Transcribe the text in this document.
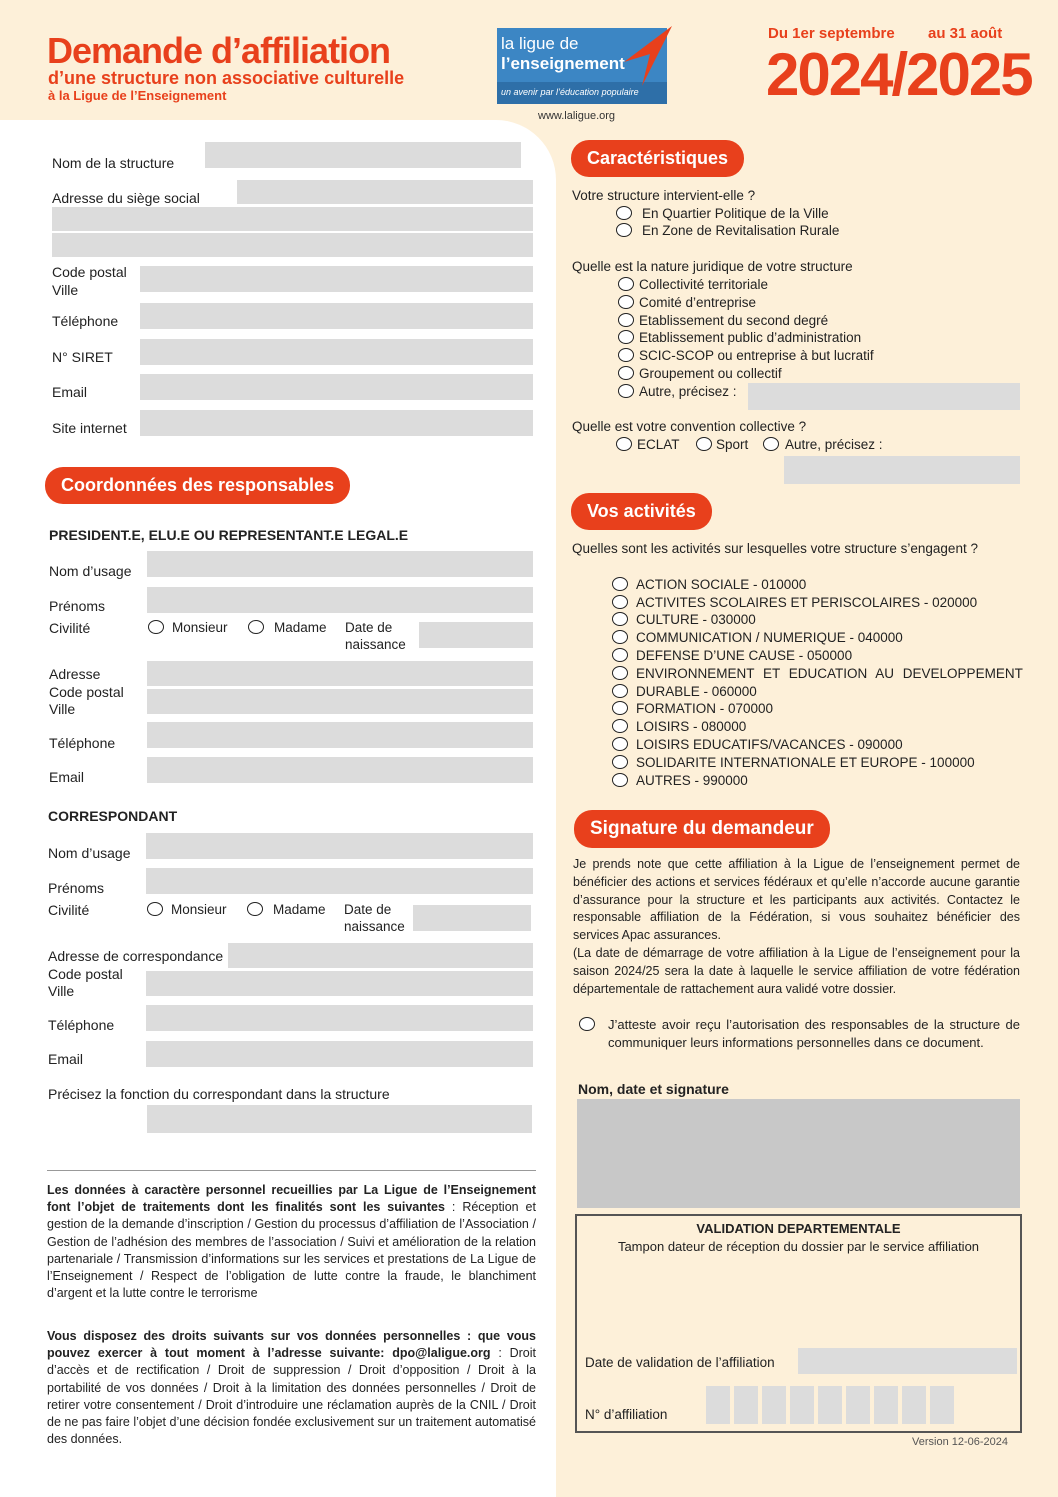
Demande d’affiliation
d’une structure non associative culturelle
à la Ligue de l’Enseignement
la ligue de
l’enseignement
un avenir par l’éducation populaire
www.laligue.org
Du 1er septembre au 31 août
2024/2025
Nom de la structure
Adresse du siège social
Code postal
Ville
Téléphone
N° SIRET
Email
Site internet
Coordonnées des responsables
PRESIDENT.E, ELU.E OU REPRESENTANT.E LEGAL.E
Nom d’usage
Prénoms
Civilité	Monsieur	Madame Date de
naissance
Adresse
Code postal
Ville
Téléphone
Email
CORRESPONDANT
Nom d’usage
Prénoms
Civilité	Monsieur	Madame Date de
naissance
Adresse de correspondance
Code postal
Ville
Téléphone
Email
Précisez la fonction du correspondant dans la structure
Les données à caractère personnel recueillies par La Ligue de l’Enseignement font l’objet de traitements dont les finalités sont les suivantes : Réception et gestion de la demande d’inscription / Gestion du processus d’affiliation de l’Association / Gestion de l’adhésion des membres de l’association / Suivi et amélioration de la relation partenariale / Transmission d’informations sur les services et prestations de La Ligue de l’Enseignement / Respect de l’obligation de lutte contre la fraude, le blanchiment d’argent et la lutte contre le terrorisme
Vous disposez des droits suivants sur vos données personnelles : que vous pouvez exercer à tout moment à l’adresse suivante: dpo@laligue.org : Droit d’accès et de rectification / Droit de suppression / Droit d’opposition / Droit à la portabilité de vos données / Droit à la limitation des données personnelles / Droit de retirer votre consentement / Droit d’introduire une réclamation auprès de la CNIL / Droit de ne pas faire l’objet d’une décision fondée exclusivement sur un traitement automatisé des données.
Caractéristiques
Votre structure intervient-elle ?
En Quartier Politique de la Ville
En Zone de Revitalisation Rurale
Quelle est la nature juridique de votre structure
Collectivité territoriale
Comité d’entreprise
Etablissement du second degré
Etablissement public d’administration
SCIC-SCOP ou entreprise à but lucratif
Groupement ou collectif
Autre, précisez :
Quelle est votre convention collective ?
ECLAT	Sport	Autre, précisez :
Vos activités
Quelles sont les activités sur lesquelles votre structure s’engagent ?
ACTION SOCIALE - 010000
ACTIVITES SCOLAIRES ET PERISCOLAIRES - 020000
CULTURE - 030000
COMMUNICATION / NUMERIQUE - 040000
DEFENSE D’UNE CAUSE - 050000
ENVIRONNEMENT ET EDUCATION AU DEVELOPPEMENT
DURABLE - 060000
FORMATION - 070000
LOISIRS - 080000
LOISIRS EDUCATIFS/VACANCES - 090000
SOLIDARITE INTERNATIONALE ET EUROPE - 100000
AUTRES - 990000
Signature du demandeur
Je prends note que cette affiliation à la Ligue de l’enseignement permet de bénéficier des actions et services fédéraux et qu’elle n’accorde aucune garantie d’assurance pour la structure et les participants aux activités. Contactez le responsable affiliation de la Fédération, si vous souhaitez bénéficier des services Apac assurances.
(La date de démarrage de votre affiliation à la Ligue de l’enseignement pour la saison 2024/25 sera la date à laquelle le service affiliation de votre fédération départementale de rattachement aura validé votre dossier.
J’atteste avoir reçu l’autorisation des responsables de la structure de communiquer leurs informations personnelles dans ce document.
Nom, date et signature
VALIDATION DEPARTEMENTALE
Tampon dateur de réception du dossier par le service affiliation
Date de validation de l’affiliation
N° d’affiliation
Version 12-06-2024
